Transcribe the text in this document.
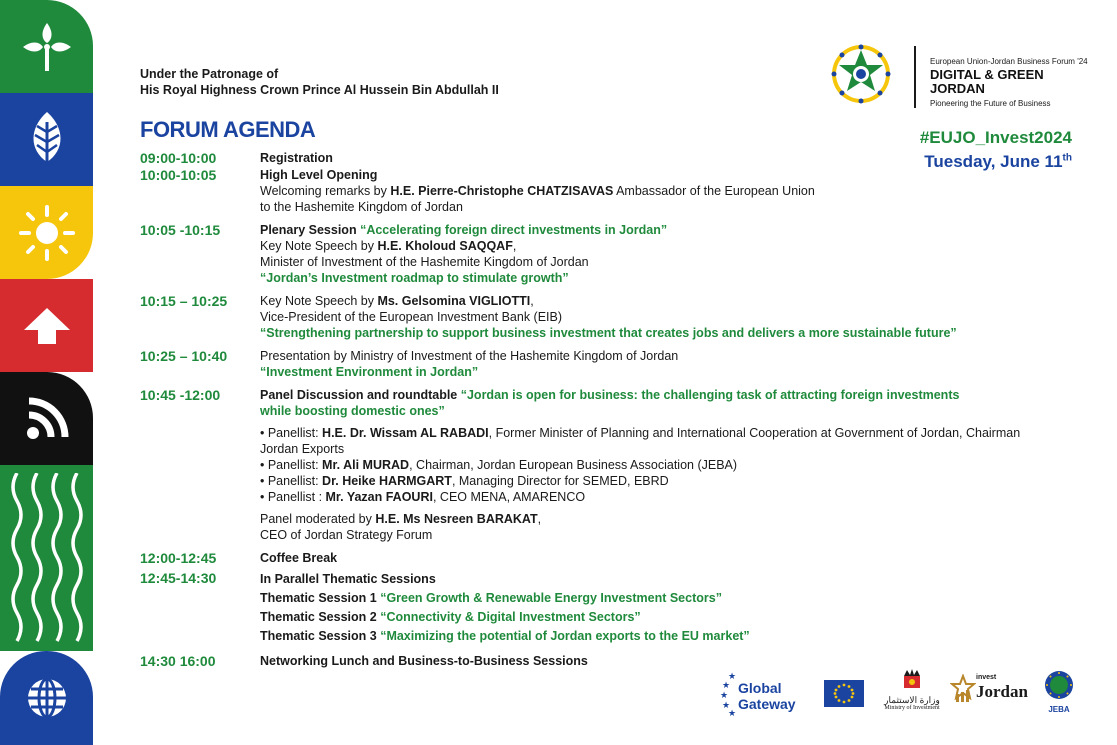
Under the Patronage of
His Royal Highness Crown Prince Al Hussein Bin Abdullah II
FORUM AGENDA	#EUJO_Invest2024
Tuesday, June 11th
European Union-Jordan Business Forum '24
DIGITAL & GREEN
JORDAN
Pioneering the Future of Business
09:00-10:00	Registration
10:00-10:05	High Level Opening
Welcoming remarks by H.E. Pierre-Christophe CHATZISAVAS Ambassador of the European Union
to the Hashemite Kingdom of Jordan
10:05 -10:15	Plenary Session “Accelerating foreign direct investments in Jordan”
Key Note Speech by H.E. Kholoud SAQQAF,
Minister of Investment of the Hashemite Kingdom of Jordan
“Jordan’s Investment roadmap to stimulate growth”
10:15 – 10:25	Key Note Speech by Ms. Gelsomina VIGLIOTTI,
Vice-President of the European Investment Bank (EIB)
“Strengthening partnership to support business investment that creates jobs and delivers a more sustainable future”
10:25 – 10:40	Presentation by Ministry of Investment of the Hashemite Kingdom of Jordan
“Investment Environment in Jordan”
10:45 -12:00	Panel Discussion and roundtable “Jordan is open for business: the challenging task of attracting foreign investments while boosting domestic ones”
• Panellist: H.E. Dr. Wissam AL RABADI, Former Minister of Planning and International Cooperation at Government of Jordan, Chairman Jordan Exports
• Panellist: Mr. Ali MURAD, Chairman, Jordan European Business Association (JEBA)
• Panellist: Dr. Heike HARMGART, Managing Director for SEMED, EBRD
• Panellist : Mr. Yazan FAOURI, CEO MENA, AMARENCO
Panel moderated by H.E. Ms Nesreen BARAKAT,
CEO of Jordan Strategy Forum
12:00-12:45	Coffee Break
12:45-14:30	In Parallel Thematic Sessions
Thematic Session 1 “Green Growth & Renewable Energy Investment Sectors”
Thematic Session 2 “Connectivity & Digital Investment Sectors”
Thematic Session 3 “Maximizing the potential of Jordan exports to the EU market”
14:30 16:00	Networking Lunch and Business-to-Business Sessions
★
★
★
★
★
Global
Gateway	وزارة الاستثمار
Ministry of Investment
invest
Jordan
JEBA
